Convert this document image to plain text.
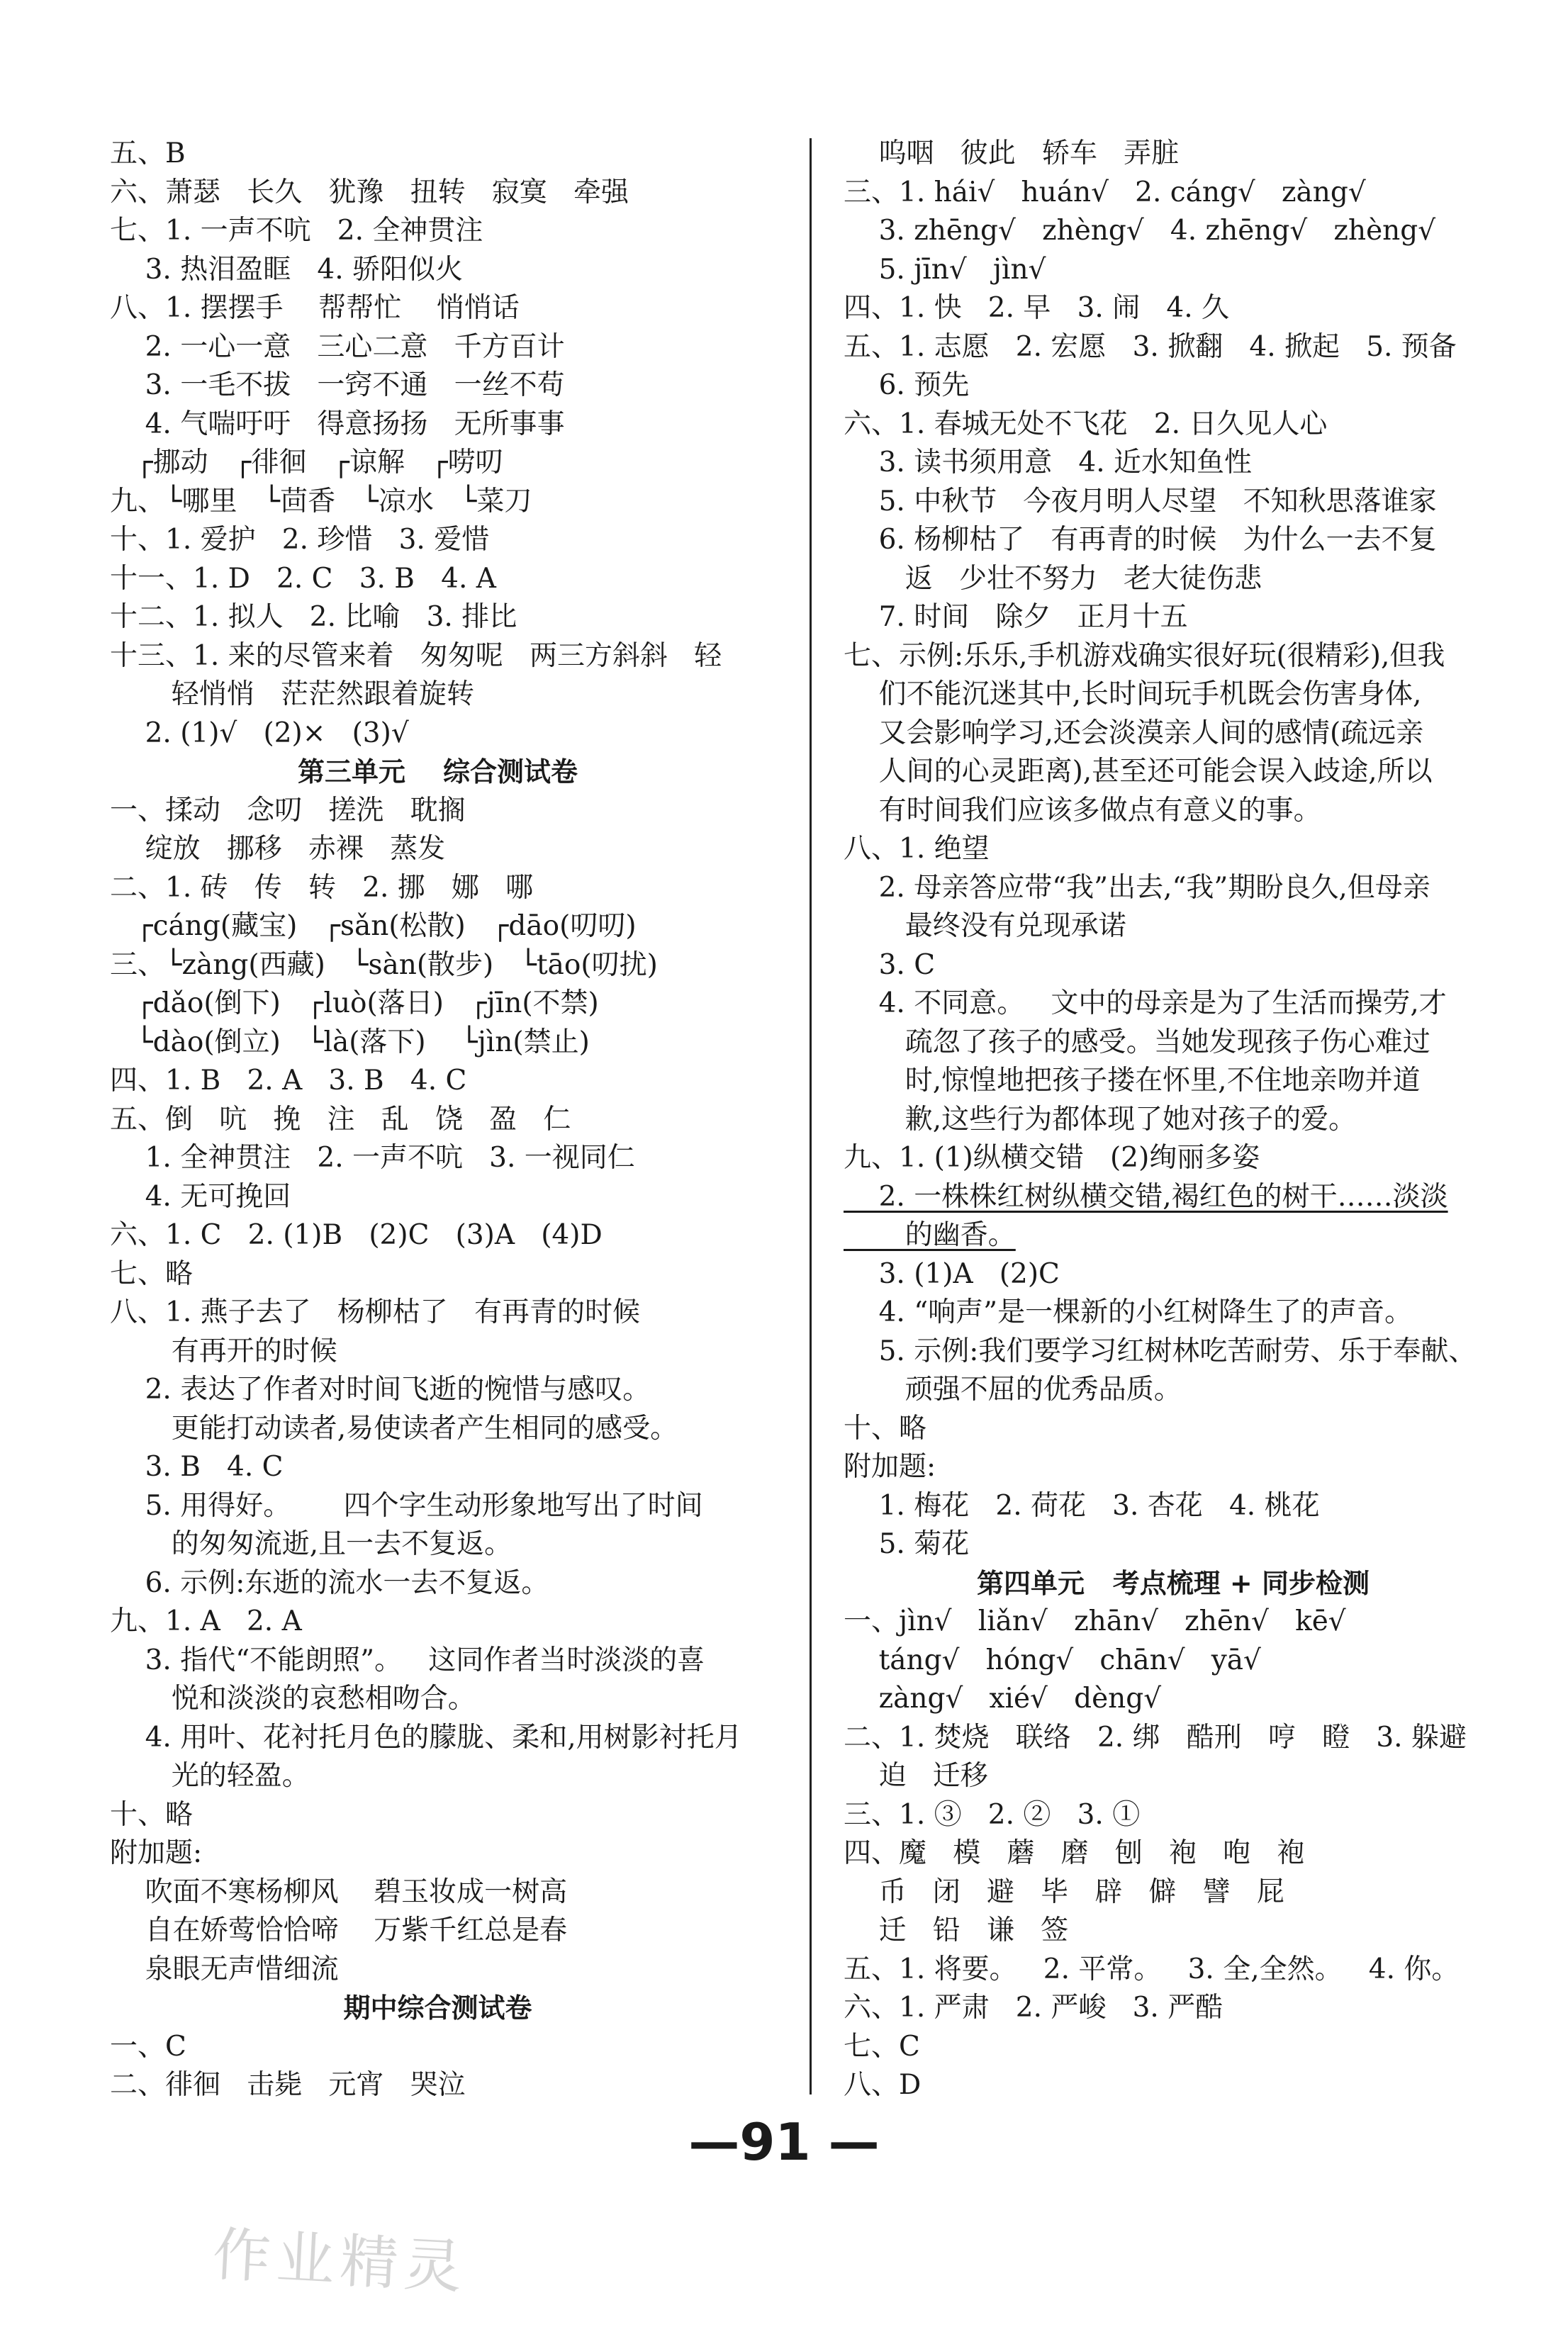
五、B
六、萧瑟   长久   犹豫   扭转   寂寞   牵强
七、1. 一声不吭   2. 全神贯注
3. 热泪盈眶   4. 骄阳似火
八、1. 摆摆手    帮帮忙    悄悄话
2. 一心一意   三心二意   千方百计
3. 一毛不拔   一窍不通   一丝不苟
4. 气喘吁吁   得意扬扬   无所事事
┌挪动   ┌徘徊   ┌谅解   ┌唠叨
九、└哪里   └茴香   └凉水   └菜刀
十、1. 爱护   2. 珍惜   3. 爱惜
十一、1. D   2. C   3. B   4. A
十二、1. 拟人   2. 比喻   3. 排比
十三、1. 来的尽管来着   匆匆呢   两三方斜斜   轻
轻悄悄   茫茫然跟着旋转
2. (1)√   (2)×   (3)√
第三单元    综合测试卷
一、揉动   念叨   搓洗   耽搁
绽放   挪移   赤裸   蒸发
二、1. 砖   传   转   2. 挪   娜   哪
┌cáng(藏宝)   ┌sǎn(松散)   ┌dāo(叨叨)
三、└zàng(西藏)   └sàn(散步)   └tāo(叨扰)
┌dǎo(倒下)   ┌luò(落日)   ┌jīn(不禁)
└dào(倒立)   └là(落下)    └jìn(禁止)
四、1. B   2. A   3. B   4. C
五、倒   吭   挽   注   乱   饶   盈   仁
1. 全神贯注   2. 一声不吭   3. 一视同仁
4. 无可挽回
六、1. C   2. (1)B   (2)C   (3)A   (4)D
七、略
八、1. 燕子去了   杨柳枯了   有再青的时候
有再开的时候
2. 表达了作者对时间飞逝的惋惜与感叹。
更能打动读者,易使读者产生相同的感受。
3. B   4. C
5. 用得好。      四个字生动形象地写出了时间
的匆匆流逝,且一去不复返。
6. 示例:东逝的流水一去不复返。
九、1. A   2. A
3. 指代“不能朗照”。   这同作者当时淡淡的喜
悦和淡淡的哀愁相吻合。
4. 用叶、花衬托月色的朦胧、柔和,用树影衬托月
光的轻盈。
十、略
附加题:
吹面不寒杨柳风    碧玉妆成一树高
自在娇莺恰恰啼    万紫千红总是春
泉眼无声惜细流
期中综合测试卷
一、C
二、徘徊   击毙   元宵   哭泣
呜咽   彼此   轿车   弄脏
三、1. hái√   huán√   2. cáng√   zàng√
3. zhēng√   zhèng√   4. zhēng√   zhèng√
5. jīn√   jìn√
四、1. 快   2. 早   3. 闹   4. 久
五、1. 志愿   2. 宏愿   3. 掀翻   4. 掀起   5. 预备
6. 预先
六、1. 春城无处不飞花   2. 日久见人心
3. 读书须用意   4. 近水知鱼性
5. 中秋节   今夜月明人尽望   不知秋思落谁家
6. 杨柳枯了   有再青的时候   为什么一去不复
返   少壮不努力   老大徒伤悲
7. 时间   除夕   正月十五
七、示例:乐乐,手机游戏确实很好玩(很精彩),但我
们不能沉迷其中,长时间玩手机既会伤害身体,
又会影响学习,还会淡漠亲人间的感情(疏远亲
人间的心灵距离),甚至还可能会误入歧途,所以
有时间我们应该多做点有意义的事。
八、1. 绝望
2. 母亲答应带“我”出去,“我”期盼良久,但母亲
最终没有兑现承诺
3. C
4. 不同意。   文中的母亲是为了生活而操劳,才
疏忽了孩子的感受。当她发现孩子伤心难过
时,惊惶地把孩子搂在怀里,不住地亲吻并道
歉,这些行为都体现了她对孩子的爱。
九、1. (1)纵横交错   (2)绚丽多姿
2. 一株株红树纵横交错,褐红色的树干……淡淡
的幽香。
3. (1)A   (2)C
4. “响声”是一棵新的小红树降生了的声音。
5. 示例:我们要学习红树林吃苦耐劳、乐于奉献、
顽强不屈的优秀品质。
十、略
附加题:
1. 梅花   2. 荷花   3. 杏花   4. 桃花
5. 菊花
第四单元   考点梳理 + 同步检测
一、jìn√   liǎn√   zhān√   zhēn√   kē√
táng√   hóng√   chān√   yā√
zàng√   xié√   dèng√
二、1. 焚烧   联络   2. 绑   酷刑   哼   瞪   3. 躲避
迫   迁移
三、1. ③   2. ②   3. ①
四、魔   模   蘑   磨   刨   袍   咆   袍
币   闭   避   毕   辟   僻   譬   屁
迁   铅   谦   签
五、1. 将要。   2. 平常。   3. 全,全然。   4. 你。
六、1. 严肃   2. 严峻   3. 严酷
七、C
八、D
—91 —
作业精灵
